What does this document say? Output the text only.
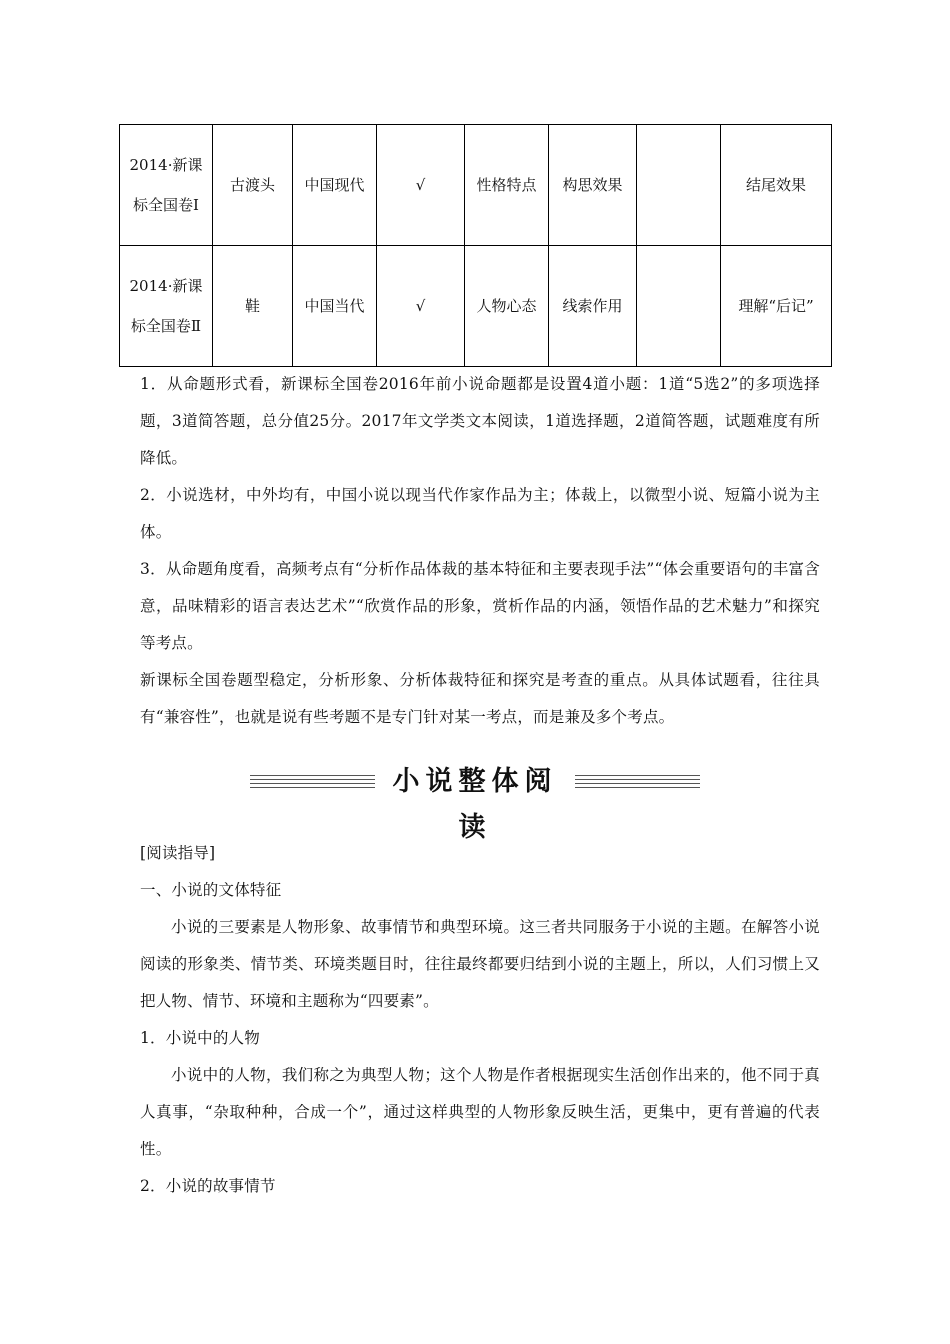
2014·新课标全国卷Ⅰ	古渡头	中国现代	√	性格特点	构思效果		结尾效果
2014·新课标全国卷Ⅱ	鞋	中国当代	√	人物心态	线索作用		理解“后记”

1．从命题形式看，新课标全国卷2016年前小说命题都是设置4道小题：1道“5选2”的多项选择题，3道简答题，总分值25分。2017年文学类文本阅读，1道选择题，2道简答题，试题难度有所降低。

2．小说选材，中外均有，中国小说以现当代作家作品为主；体裁上，以微型小说、短篇小说为主体。

3．从命题角度看，高频考点有“分析作品体裁的基本特征和主要表现手法”“体会重要语句的丰富含意，品味精彩的语言表达艺术”“欣赏作品的形象，赏析作品的内涵，领悟作品的艺术魅力”和探究等考点。

新课标全国卷题型稳定，分析形象、分析体裁特征和探究是考查的重点。从具体试题看，往往具有“兼容性”，也就是说有些考题不是专门针对某一考点，而是兼及多个考点。

小说整体阅读

[阅读指导]

一、小说的文体特征

小说的三要素是人物形象、故事情节和典型环境。这三者共同服务于小说的主题。在解答小说阅读的形象类、情节类、环境类题目时，往往最终都要归结到小说的主题上，所以，人们习惯上又把人物、情节、环境和主题称为“四要素”。

1．小说中的人物

小说中的人物，我们称之为典型人物；这个人物是作者根据现实生活创作出来的，他不同于真人真事，“杂取种种，合成一个”，通过这样典型的人物形象反映生活，更集中，更有普遍的代表性。

2．小说的故事情节
